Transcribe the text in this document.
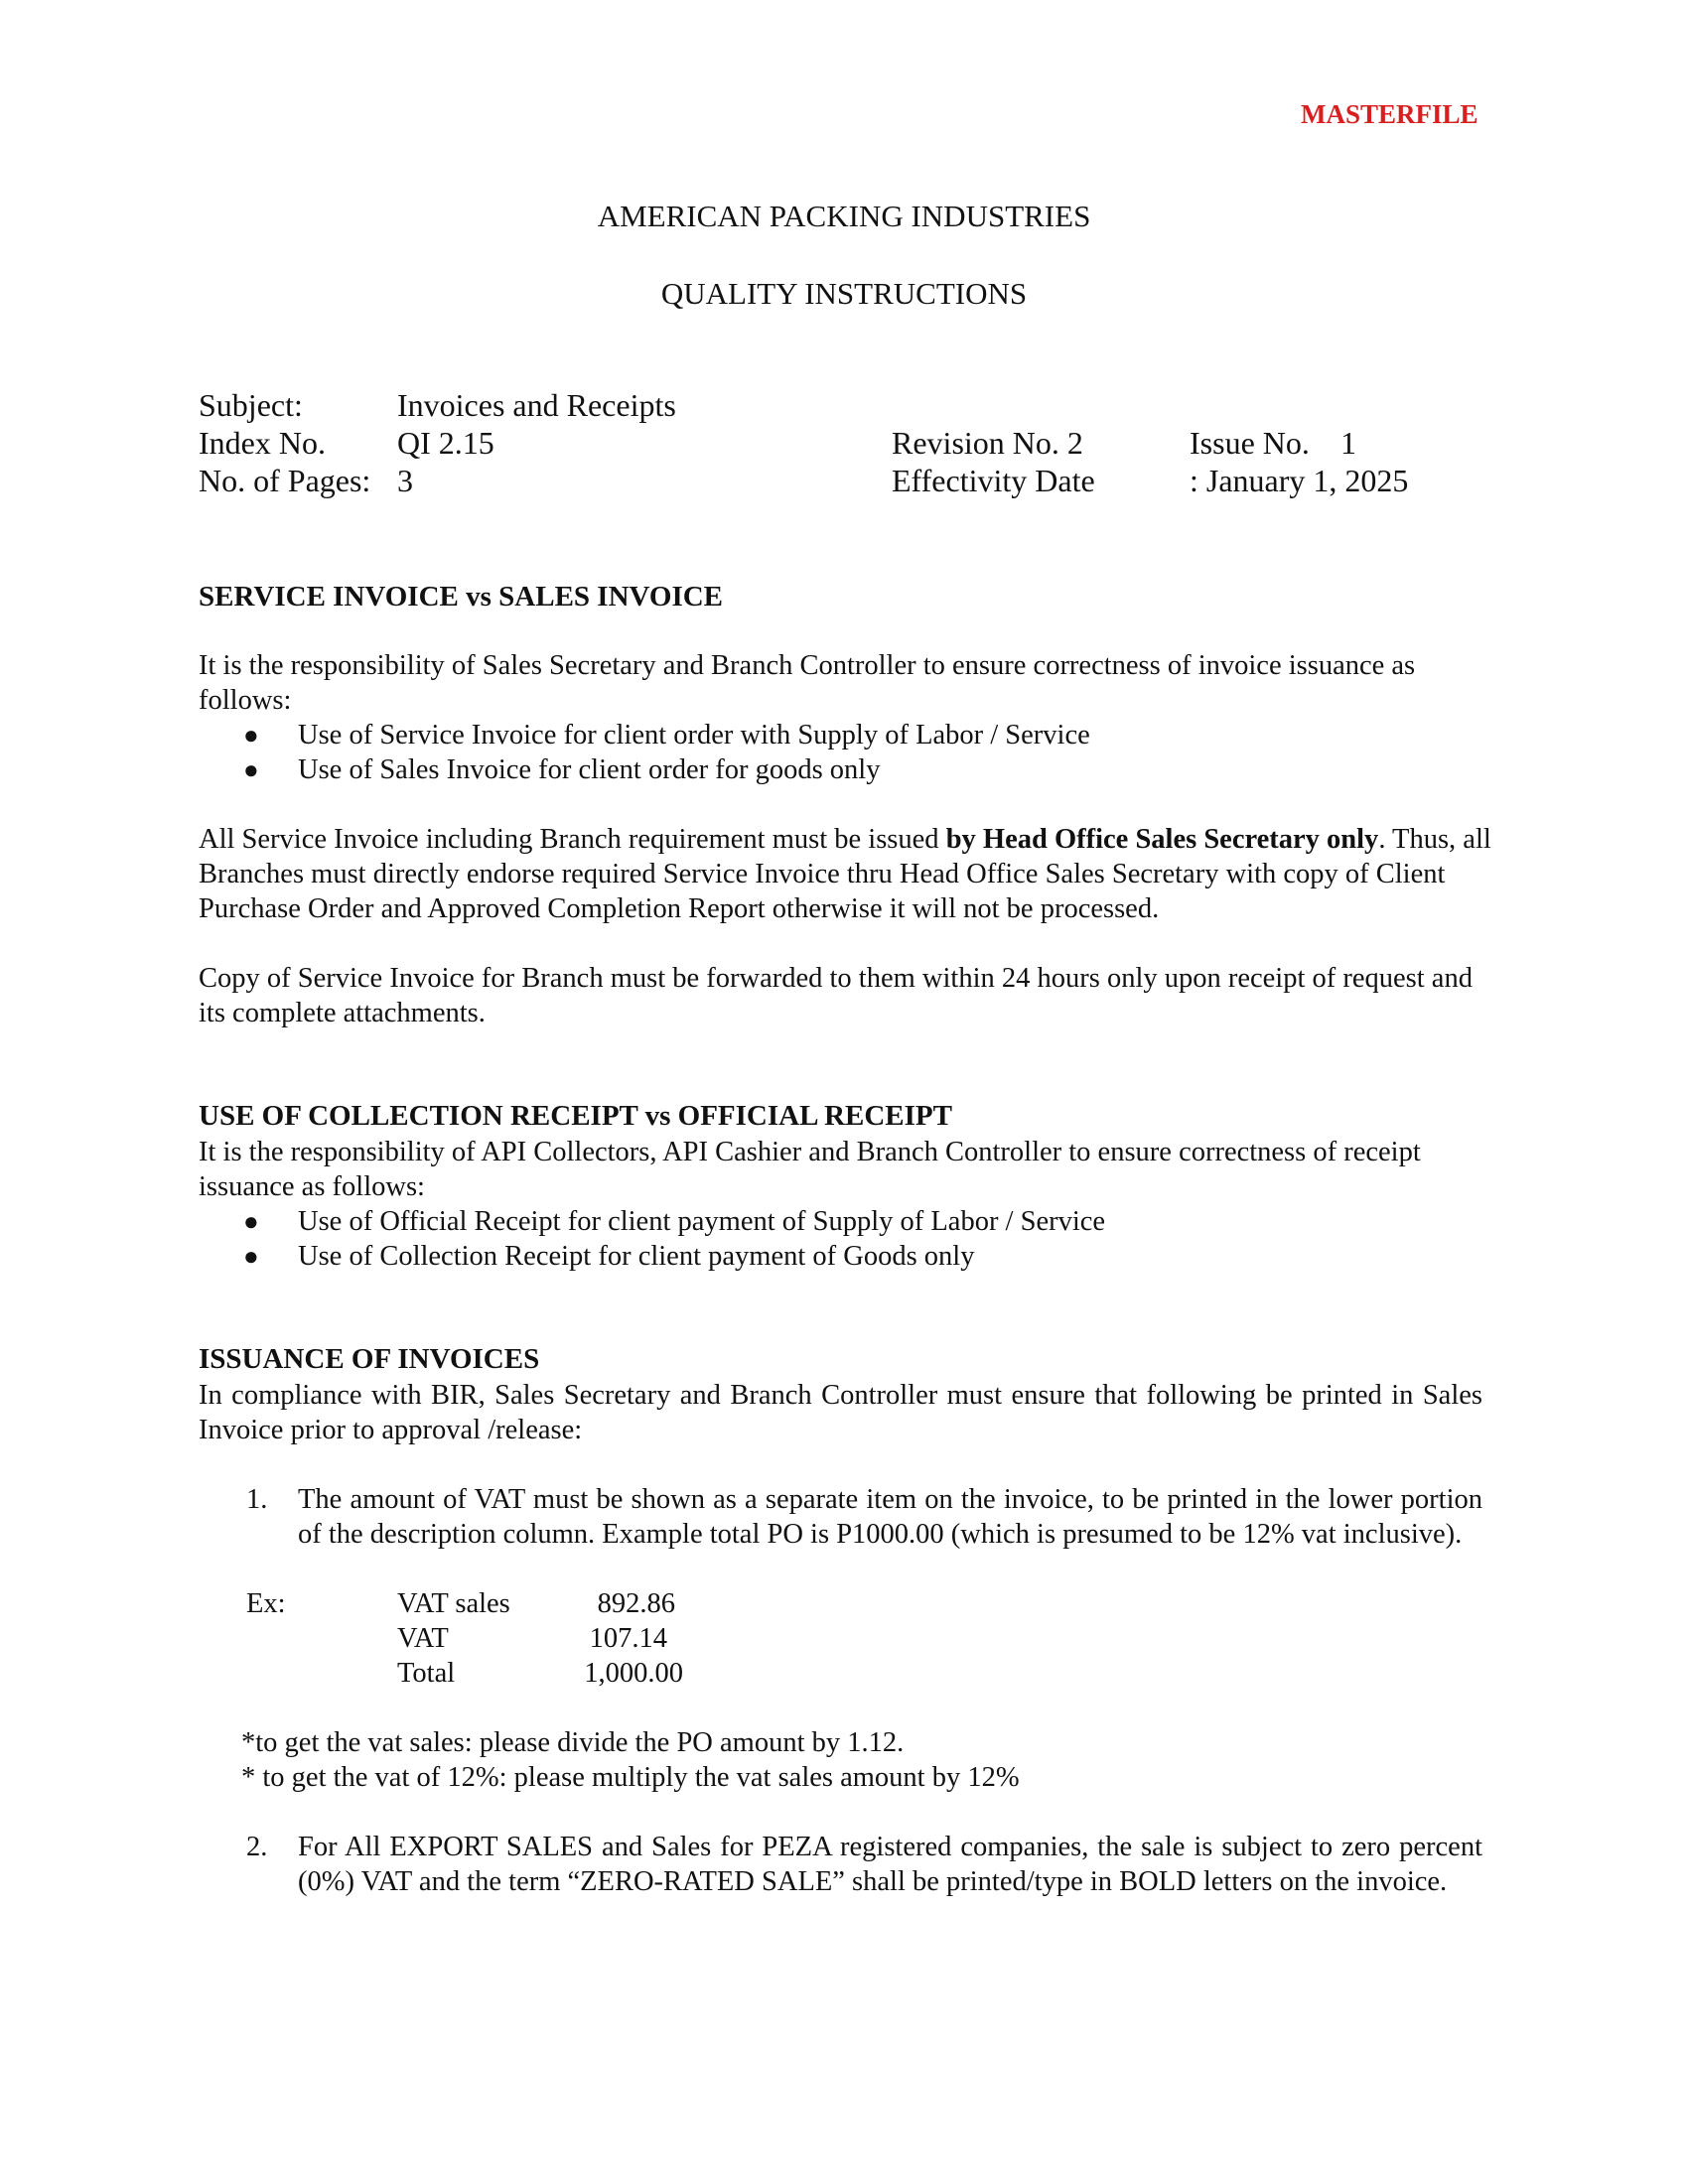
MASTERFILE
AMERICAN PACKING INDUSTRIES
QUALITY INSTRUCTIONS
Subject:	Invoices and Receipts
Index No. QI 2.15	Revision No. 2	Issue No. 1
No. of Pages: 3	Effectivity Date	: January 1, 2025
SERVICE INVOICE vs SALES INVOICE
It is the responsibility of Sales Secretary and Branch Controller to ensure correctness of invoice issuance as follows:
● Use of Service Invoice for client order with Supply of Labor / Service
● Use of Sales Invoice for client order for goods only
All Service Invoice including Branch requirement must be issued by Head Office Sales Secretary only. Thus, all Branches must directly endorse required Service Invoice thru Head Office Sales Secretary with copy of Client Purchase Order and Approved Completion Report otherwise it will not be processed.
Copy of Service Invoice for Branch must be forwarded to them within 24 hours only upon receipt of request and its complete attachments.
USE OF COLLECTION RECEIPT vs OFFICIAL RECEIPT
It is the responsibility of API Collectors, API Cashier and Branch Controller to ensure correctness of receipt issuance as follows:
● Use of Official Receipt for client payment of Supply of Labor / Service
● Use of Collection Receipt for client payment of Goods only
ISSUANCE OF INVOICES
In compliance with BIR, Sales Secretary and Branch Controller must ensure that following be printed in Sales Invoice prior to approval /release:
1. The amount of VAT must be shown as a separate item on the invoice, to be printed in the lower portion of the description column. Example total PO is P1000.00 (which is presumed to be 12% vat inclusive).
Ex:	VAT sales	892.86
VAT	107.14
Total	1,000.00
*to get the vat sales: please divide the PO amount by 1.12.
* to get the vat of 12%: please multiply the vat sales amount by 12%
2. For All EXPORT SALES and Sales for PEZA registered companies, the sale is subject to zero percent (0%) VAT and the term “ZERO-RATED SALE” shall be printed/type in BOLD letters on the invoice.
